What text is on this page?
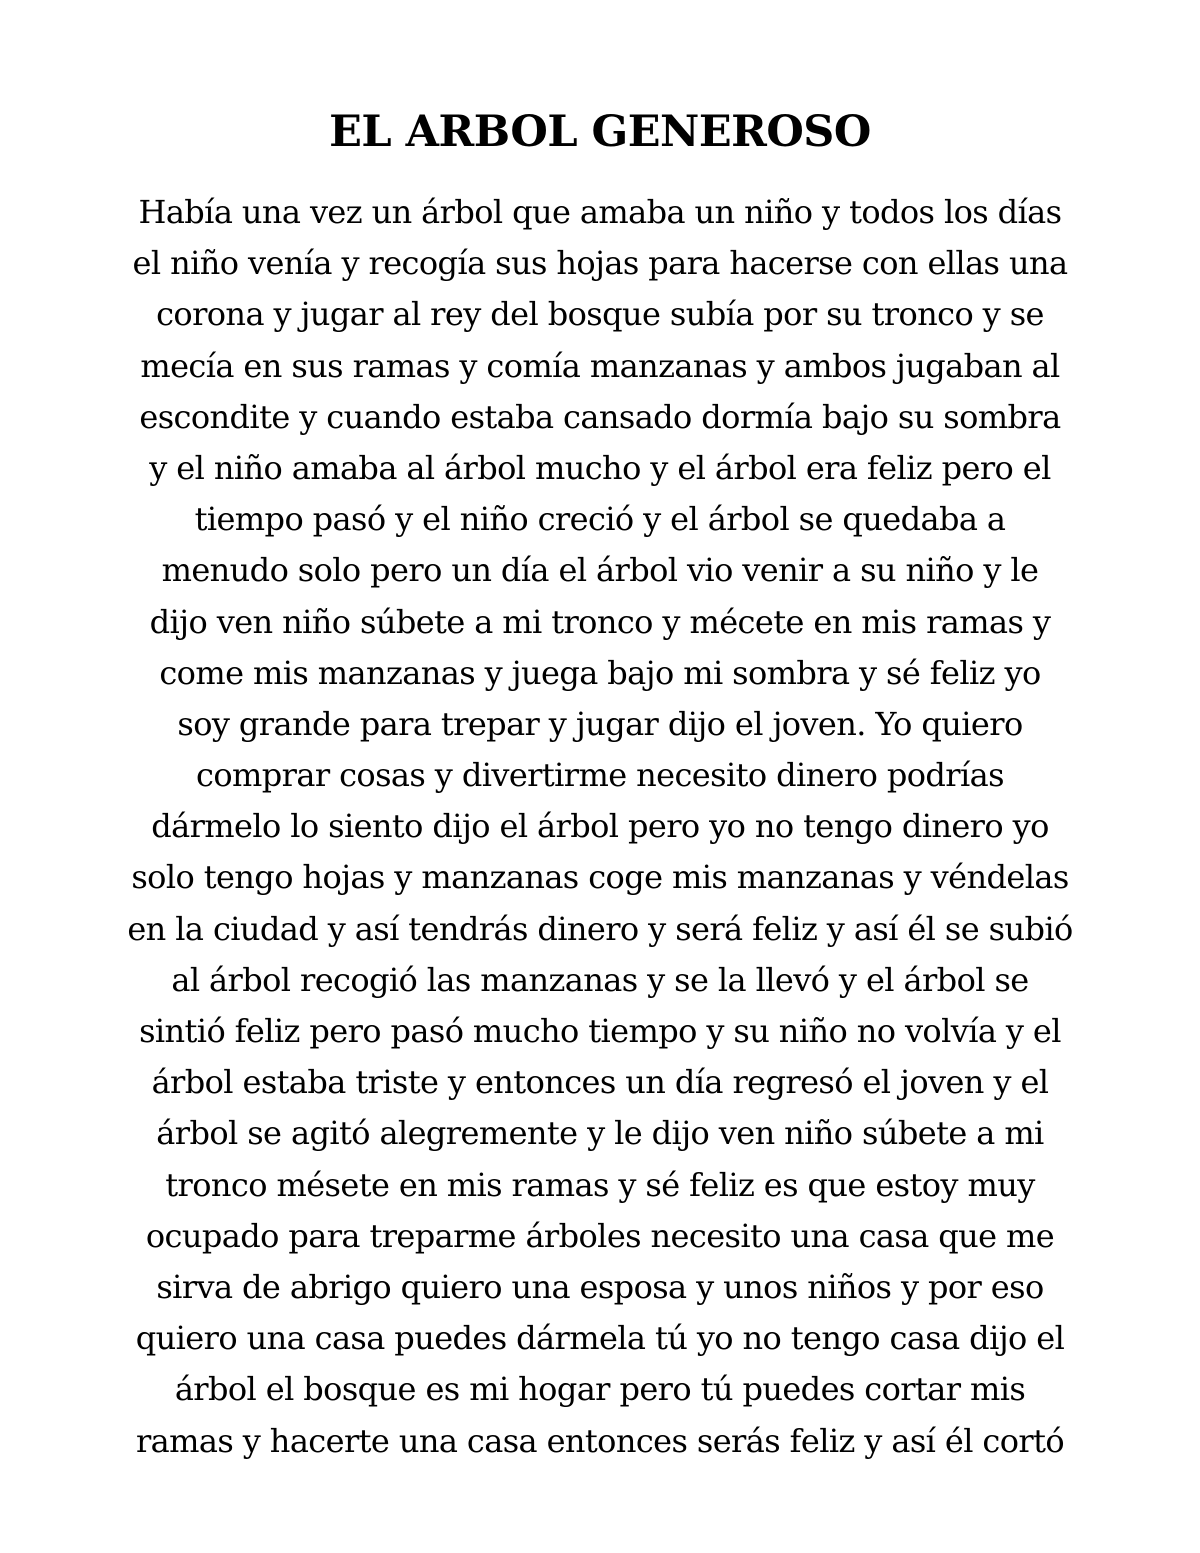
EL ARBOL GENEROSO
Había una vez un árbol que amaba un niño y todos los días
el niño venía y recogía sus hojas para hacerse con ellas una
corona y jugar al rey del bosque subía por su tronco y se
mecía en sus ramas y comía manzanas y ambos jugaban al
escondite y cuando estaba cansado dormía bajo su sombra
y el niño amaba al árbol mucho y el árbol era feliz pero el
tiempo pasó y el niño creció y el árbol se quedaba a
menudo solo pero un día el árbol vio venir a su niño y le
dijo ven niño súbete a mi tronco y mécete en mis ramas y
come mis manzanas y juega bajo mi sombra y sé feliz yo
soy grande para trepar y jugar dijo el joven. Yo quiero
comprar cosas y divertirme necesito dinero podrías
dármelo lo siento dijo el árbol pero yo no tengo dinero yo
solo tengo hojas y manzanas coge mis manzanas y véndelas
en la ciudad y así tendrás dinero y será feliz y así él se subió
al árbol recogió las manzanas y se la llevó y el árbol se
sintió feliz pero pasó mucho tiempo y su niño no volvía y el
árbol estaba triste y entonces un día regresó el joven y el
árbol se agitó alegremente y le dijo ven niño súbete a mi
tronco mésete en mis ramas y sé feliz es que estoy muy
ocupado para treparme árboles necesito una casa que me
sirva de abrigo quiero una esposa y unos niños y por eso
quiero una casa puedes dármela tú yo no tengo casa dijo el
árbol el bosque es mi hogar pero tú puedes cortar mis
ramas y hacerte una casa entonces serás feliz y así él cortó
